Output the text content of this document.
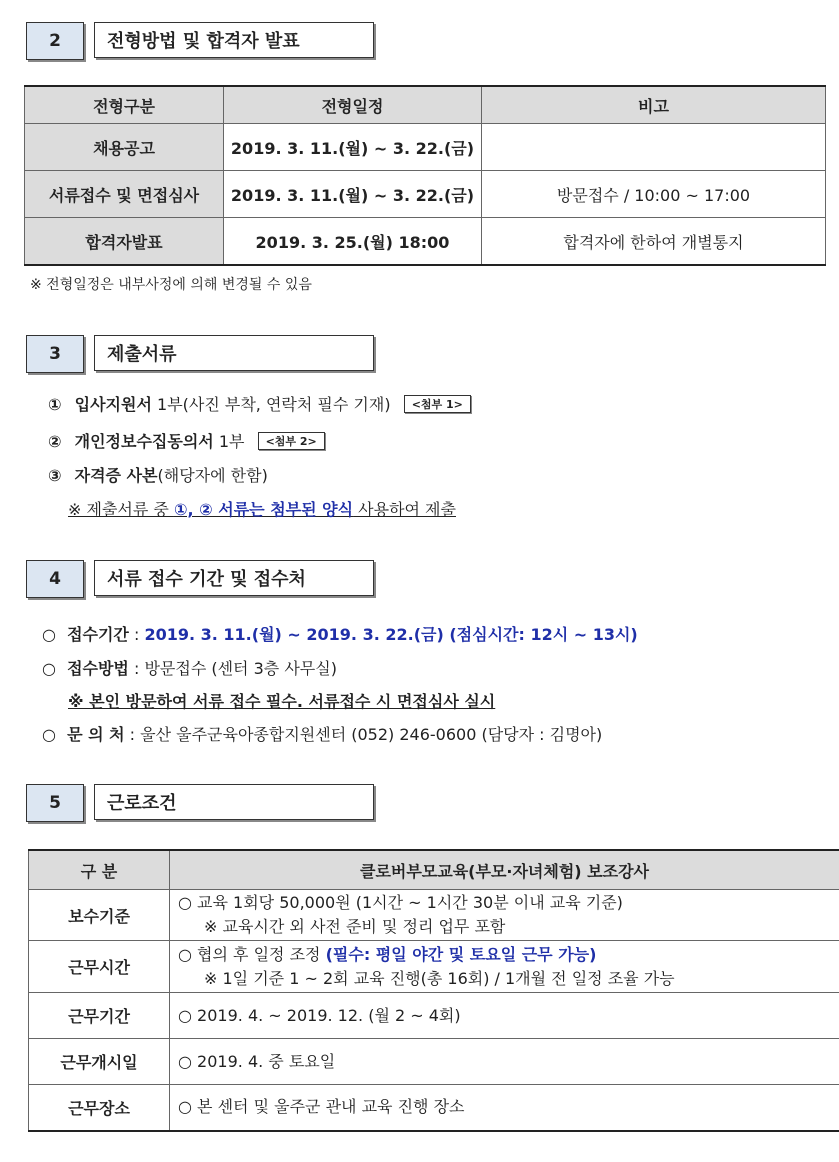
2	전형방법 및 합격자 발표
전형구분	전형일정	비고
채용공고	2019. 3. 11.(월) ~ 3. 22.(금)	
서류접수 및 면접심사	2019. 3. 11.(월) ~ 3. 22.(금)	방문접수 / 10:00 ~ 17:00
합격자발표	2019. 3. 25.(월) 18:00	합격자에 한하여 개별통지
※ 전형일정은 내부사정에 의해 변경될 수 있음
3	제출서류
① 입사지원서 1부(사진 부착, 연락처 필수 기재) <첨부 1>
② 개인정보수집동의서 1부 <첨부 2>
③ 자격증 사본(해당자에 한함)
※ 제출서류 중 ①, ② 서류는 첨부된 양식 사용하여 제출
4	서류 접수 기간 및 접수처
○ 접수기간 : 2019. 3. 11.(월) ~ 2019. 3. 22.(금) (점심시간: 12시 ~ 13시)
○ 접수방법 : 방문접수 (센터 3층 사무실)
※ 본인 방문하여 서류 접수 필수. 서류접수 시 면접심사 실시
○ 문 의 처 : 울산 울주군육아종합지원센터 (052) 246-0600 (담당자 : 김명아)
5	근로조건
구 분	클로버부모교육(부모·자녀체험) 보조강사
보수기준	○ 교육 1회당 50,000원 (1시간 ~ 1시간 30분 이내 교육 기준)
※ 교육시간 외 사전 준비 및 정리 업무 포함

근무시간	○ 협의 후 일정 조정 (필수: 평일 야간 및 토요일 근무 가능)
※ 1일 기준 1 ~ 2회 교육 진행(총 16회) / 1개월 전 일정 조율 가능

근무기간	○ 2019. 4. ~ 2019. 12. (월 2 ~ 4회)
근무개시일	○ 2019. 4. 중 토요일
근무장소	○ 본 센터 및 울주군 관내 교육 진행 장소
